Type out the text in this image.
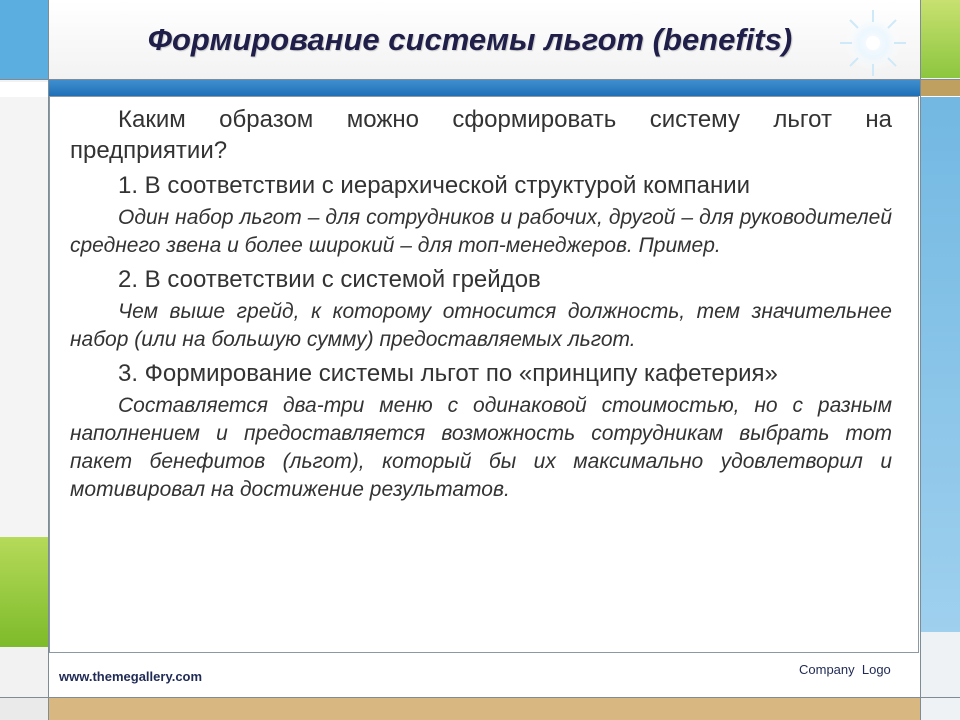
Формирование системы льгот (benefits)

Каким образом можно сформировать систему льгот на предприятии?

1. В соответствии с иерархической структурой компании

Один набор льгот – для сотрудников и рабочих, другой – для руководителей среднего звена и более широкий – для топ-менеджеров. Пример.

2. В соответствии с системой грейдов

Чем выше грейд, к которому относится должность, тем значительнее набор (или на большую сумму) предоставляемых льгот.

3. Формирование системы льгот по «принципу кафетерия»

Составляется два-три меню с одинаковой стоимостью, но с разным наполнением и предоставляется возможность сотрудникам выбрать тот пакет бенефитов (льгот), который бы их максимально удовлетворил и мотивировал на достижение результатов.

www.themegallery.com	Company  Logo
